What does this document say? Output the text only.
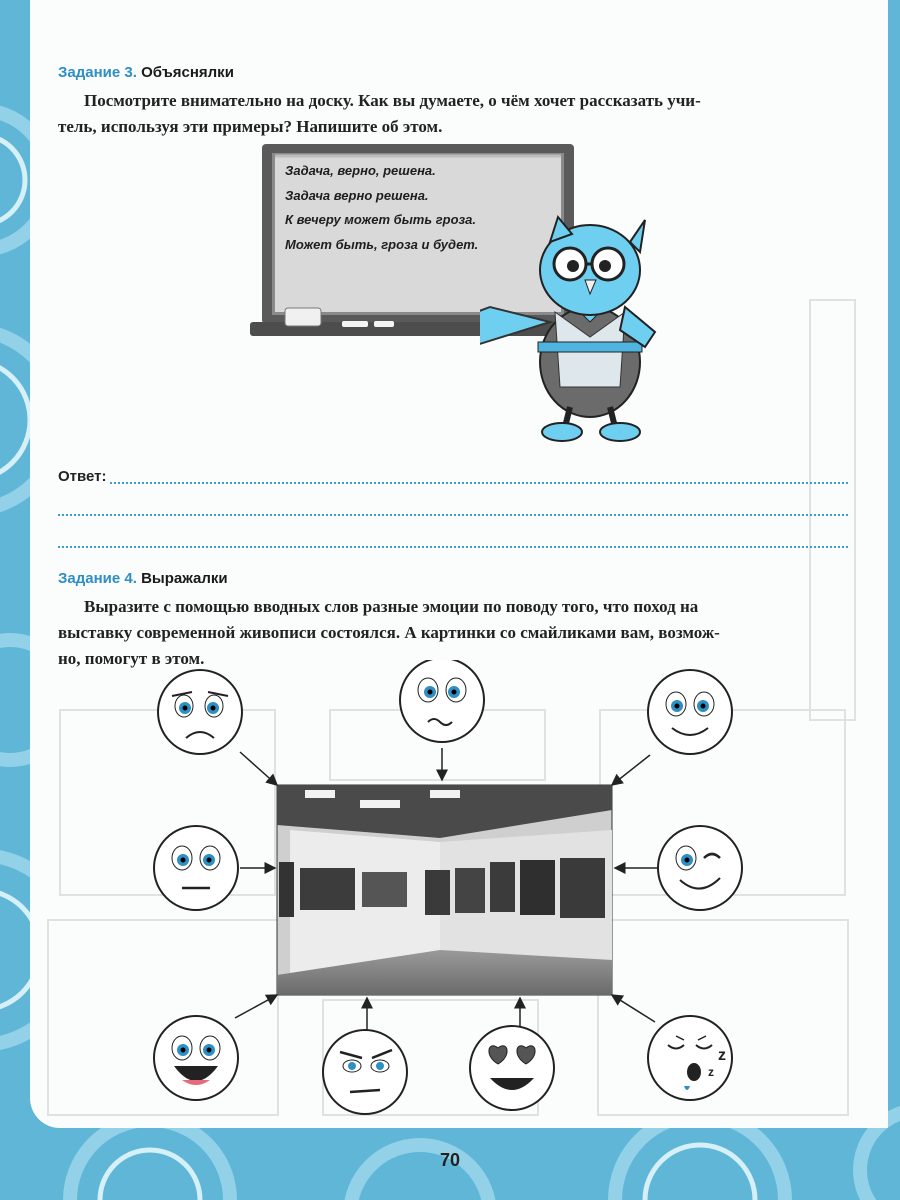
Задание 3. Объяснялки
Посмотрите внимательно на доску. Как вы думаете, о чём хочет рассказать учи-
тель, используя эти примеры? Напишите об этом.
Задача, верно, решена.
Задача верно решена.
К вечеру может быть гроза.
Может быть, гроза и будет.
Ответ:
Задание 4. Выражалки
Выразите с помощью вводных слов разные эмоции по поводу того, что поход на
выставку современной живописи состоялся. А картинки со смайликами вам, возмож-
но, помогут в этом.
z
z
70
